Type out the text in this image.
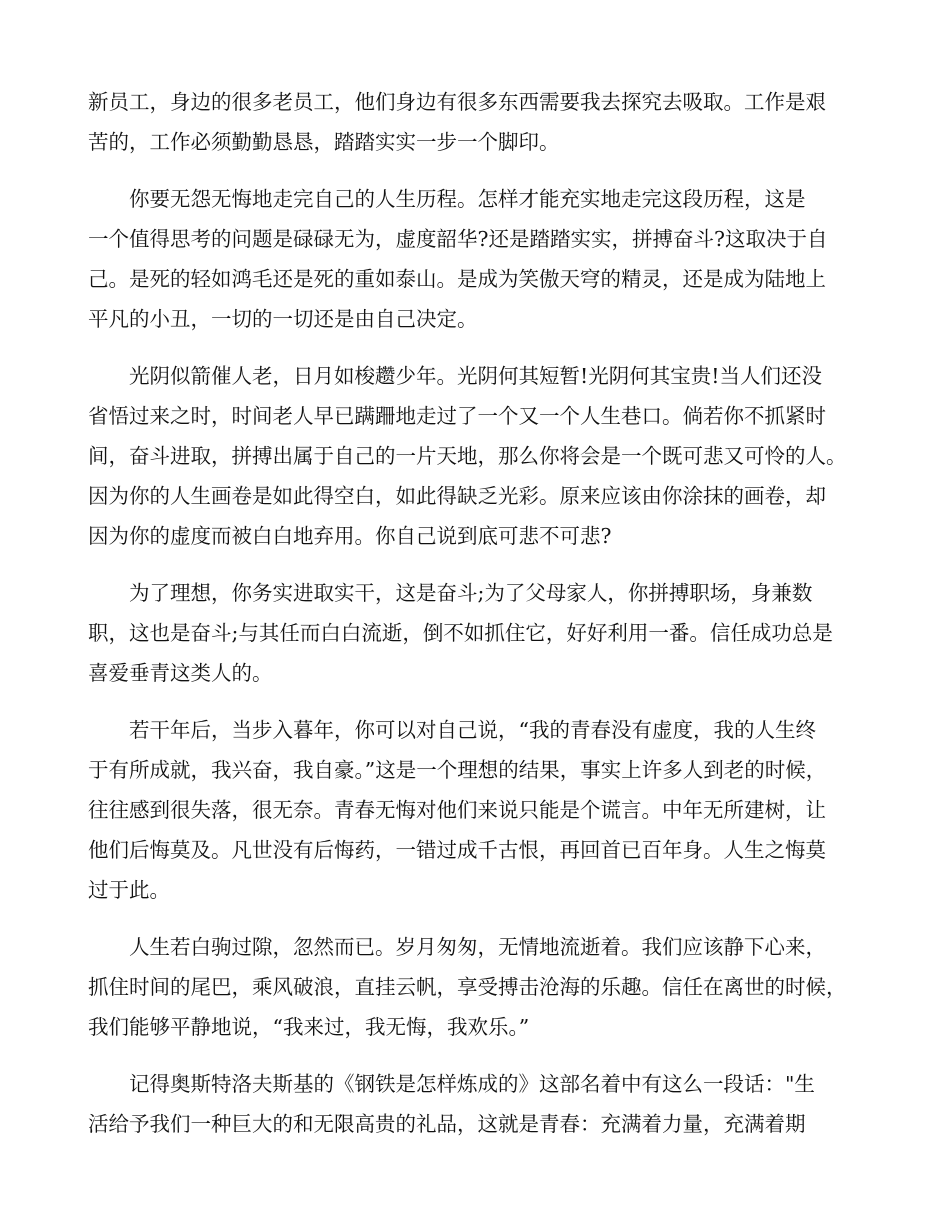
新员工，身边的很多老员工，他们身边有很多东西需要我去探究去吸取。工作是艰
苦的，工作必须勤勤恳恳，踏踏实实一步一个脚印。
你要无怨无悔地走完自己的人生历程。怎样才能充实地走完这段历程，这是
一个值得思考的问题是碌碌无为，虚度韶华?还是踏踏实实，拼搏奋斗?这取决于自
己。是死的轻如鸿毛还是死的重如泰山。是成为笑傲天穹的精灵，还是成为陆地上
平凡的小丑，一切的一切还是由自己决定。
光阴似箭催人老，日月如梭趱少年。光阴何其短暂!光阴何其宝贵!当人们还没
省悟过来之时，时间老人早已蹒跚地走过了一个又一个人生巷口。倘若你不抓紧时
间，奋斗进取，拼搏出属于自己的一片天地，那么你将会是一个既可悲又可怜的人。
因为你的人生画卷是如此得空白，如此得缺乏光彩。原来应该由你涂抹的画卷，却
因为你的虚度而被白白地弃用。你自己说到底可悲不可悲?
为了理想，你务实进取实干，这是奋斗;为了父母家人，你拼搏职场，身兼数
职，这也是奋斗;与其任而白白流逝，倒不如抓住它，好好利用一番。信任成功总是
喜爱垂青这类人的。
若干年后，当步入暮年，你可以对自己说，“我的青春没有虚度，我的人生终
于有所成就，我兴奋，我自豪。”这是一个理想的结果，事实上许多人到老的时候，
往往感到很失落，很无奈。青春无悔对他们来说只能是个谎言。中年无所建树，让
他们后悔莫及。凡世没有后悔药，一错过成千古恨，再回首已百年身。人生之悔莫
过于此。
人生若白驹过隙，忽然而已。岁月匆匆，无情地流逝着。我们应该静下心来，
抓住时间的尾巴，乘风破浪，直挂云帆，享受搏击沧海的乐趣。信任在离世的时候，
我们能够平静地说，“我来过，我无悔，我欢乐。”
记得奥斯特洛夫斯基的《钢铁是怎样炼成的》这部名着中有这么一段话："生
活给予我们一种巨大的和无限高贵的礼品，这就是青春：充满着力量，充满着期
